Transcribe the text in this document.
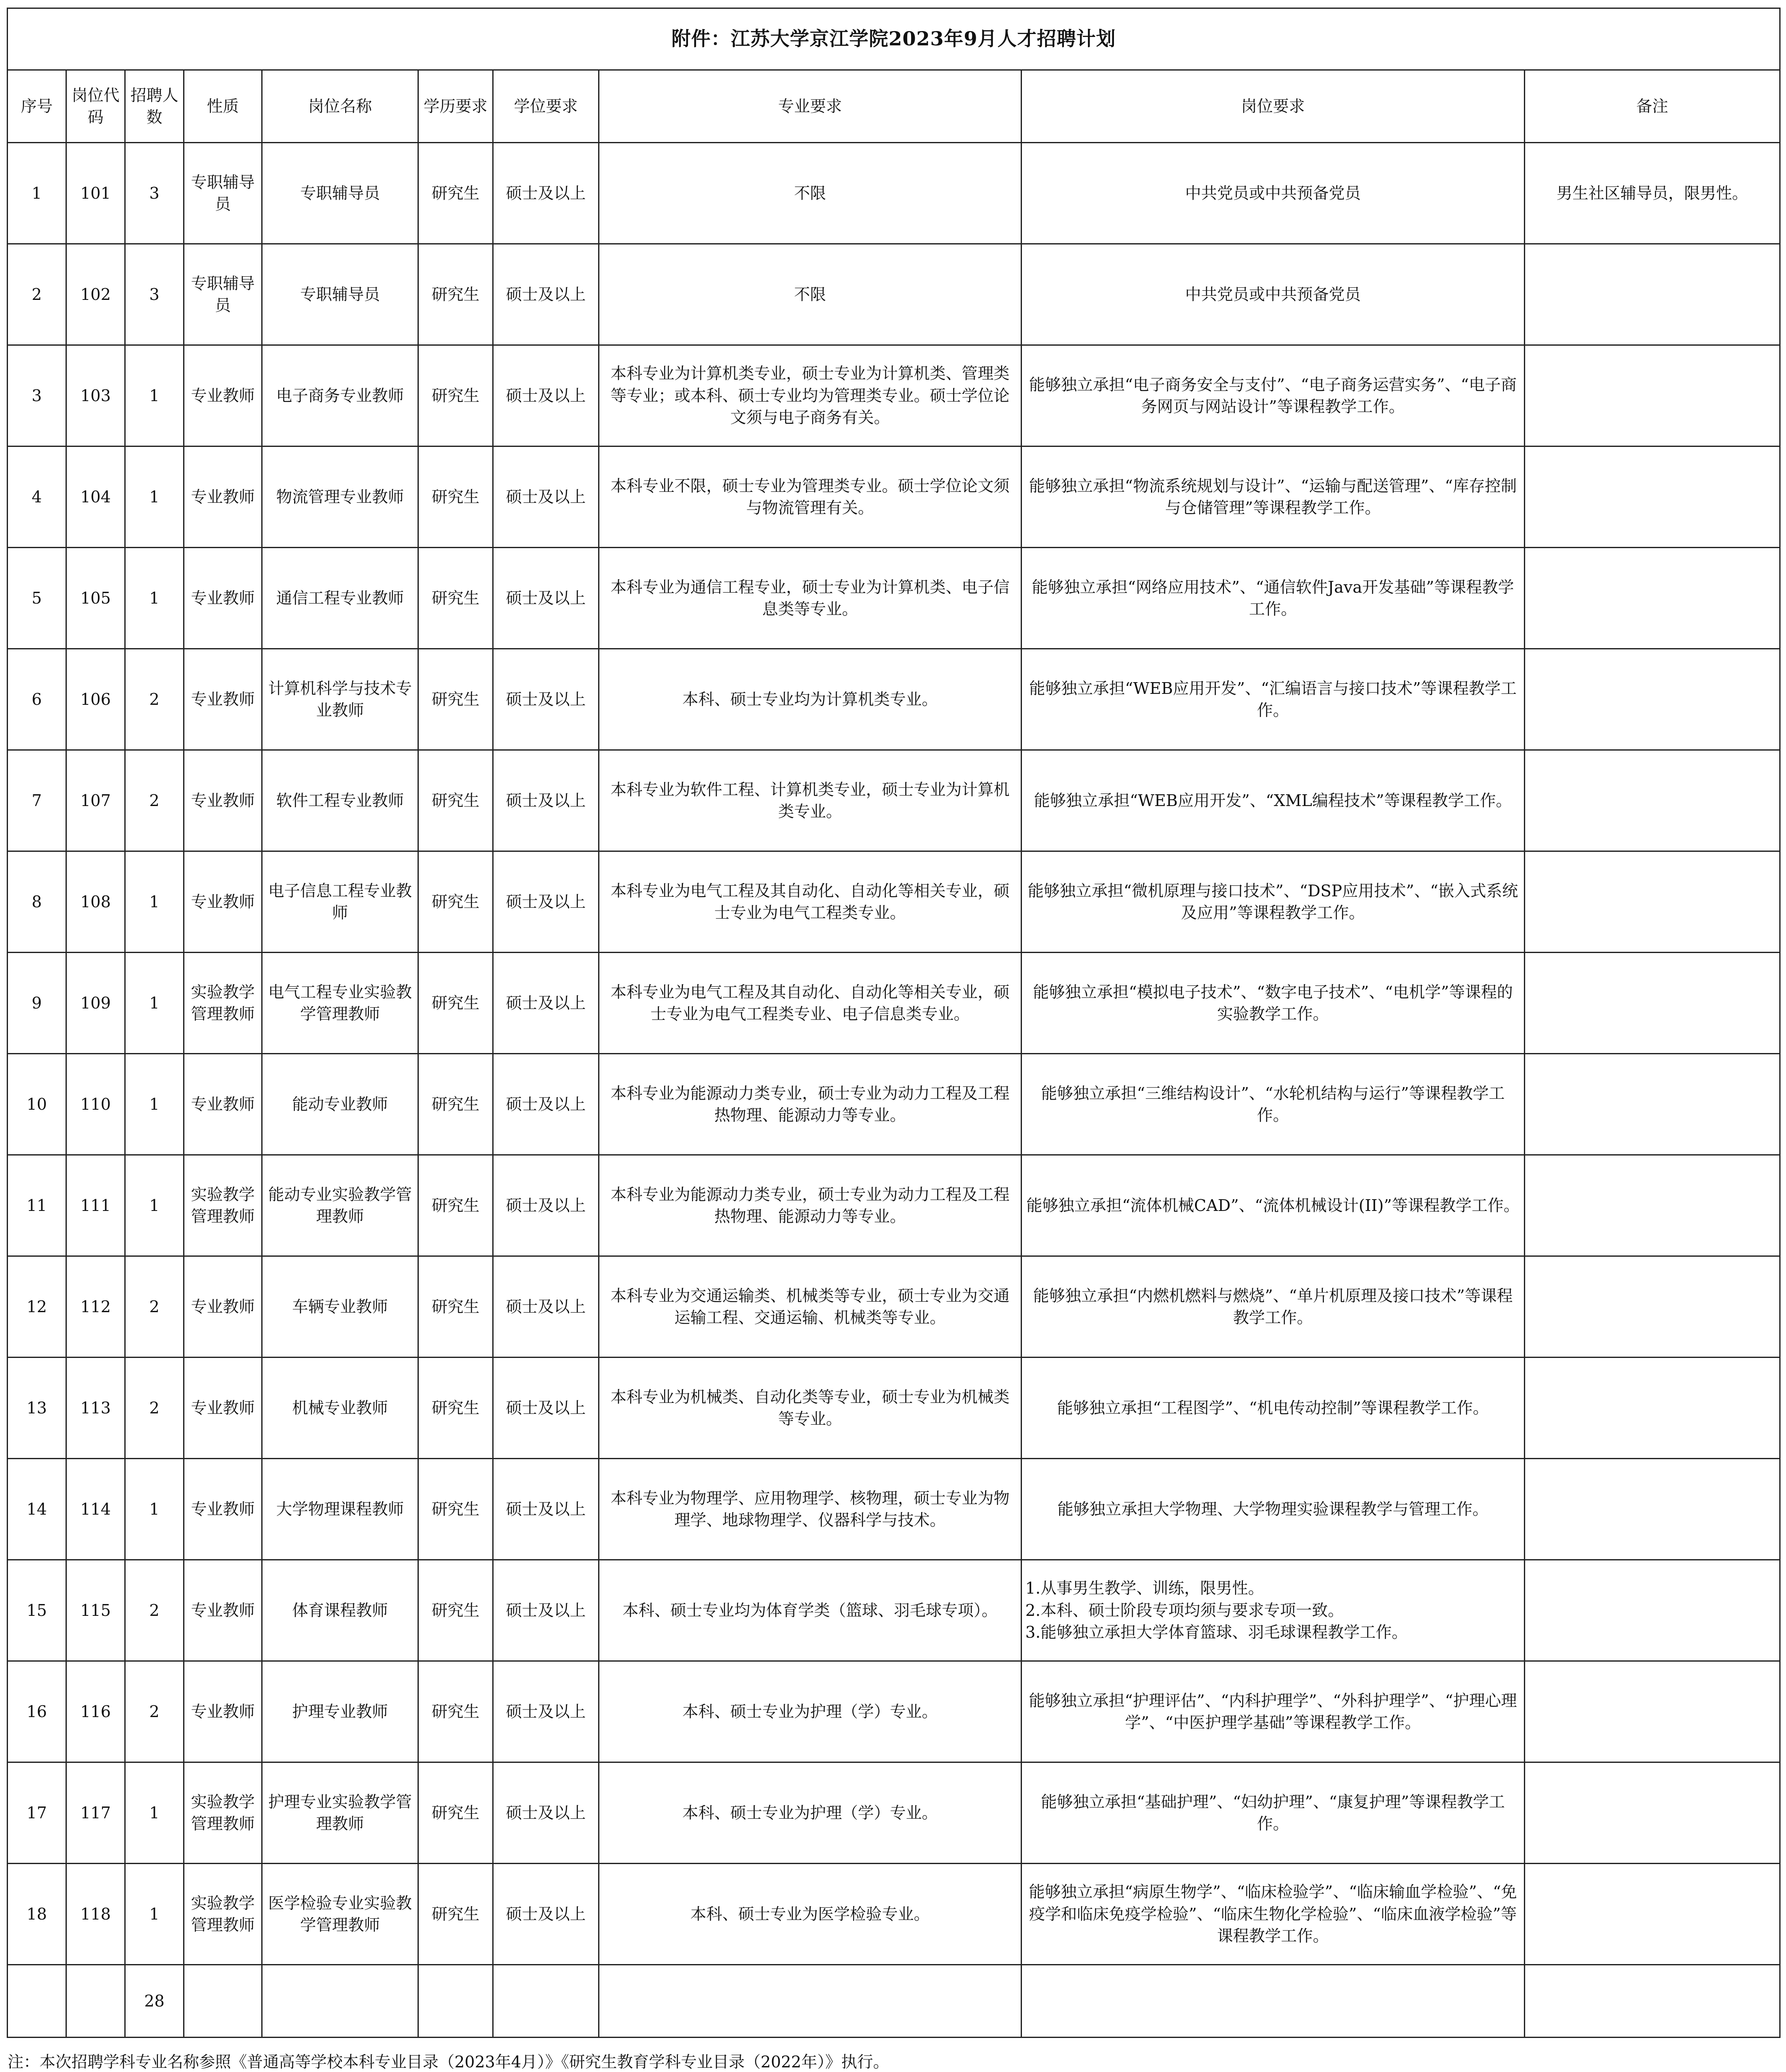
附件：江苏大学京江学院2023年9月人才招聘计划									
序号	岗位代码	招聘人数	性质	岗位名称	学历要求	学位要求	专业要求	岗位要求	备注
1	101	3	专职辅导员	专职辅导员	研究生	硕士及以上	不限	中共党员或中共预备党员	男生社区辅导员，限男性。
2	102	3	专职辅导员	专职辅导员	研究生	硕士及以上	不限	中共党员或中共预备党员	
3	103	1	专业教师	电子商务专业教师	研究生	硕士及以上	本科专业为计算机类专业，硕士专业为计算机类、管理类等专业；或本科、硕士专业均为管理类专业。硕士学位论文须与电子商务有关。	能够独立承担“电子商务安全与支付”、“电子商务运营实务”、“电子商务网页与网站设计”等课程教学工作。	
4	104	1	专业教师	物流管理专业教师	研究生	硕士及以上	本科专业不限，硕士专业为管理类专业。硕士学位论文须与物流管理有关。	能够独立承担“物流系统规划与设计”、“运输与配送管理”、“库存控制与仓储管理”等课程教学工作。	
5	105	1	专业教师	通信工程专业教师	研究生	硕士及以上	本科专业为通信工程专业，硕士专业为计算机类、电子信息类等专业。	能够独立承担“网络应用技术”、“通信软件Java开发基础”等课程教学工作。	
6	106	2	专业教师	计算机科学与技术专业教师	研究生	硕士及以上	本科、硕士专业均为计算机类专业。	能够独立承担“WEB应用开发”、“汇编语言与接口技术”等课程教学工作。	
7	107	2	专业教师	软件工程专业教师	研究生	硕士及以上	本科专业为软件工程、计算机类专业，硕士专业为计算机类专业。	能够独立承担“WEB应用开发”、“XML编程技术”等课程教学工作。	
8	108	1	专业教师	电子信息工程专业教师	研究生	硕士及以上	本科专业为电气工程及其自动化、自动化等相关专业，硕士专业为电气工程类专业。	能够独立承担“微机原理与接口技术”、“DSP应用技术”、“嵌入式系统及应用”等课程教学工作。	
9	109	1	实验教学管理教师	电气工程专业实验教学管理教师	研究生	硕士及以上	本科专业为电气工程及其自动化、自动化等相关专业，硕士专业为电气工程类专业、电子信息类专业。	能够独立承担“模拟电子技术”、“数字电子技术”、“电机学”等课程的实验教学工作。	
10	110	1	专业教师	能动专业教师	研究生	硕士及以上	本科专业为能源动力类专业，硕士专业为动力工程及工程热物理、能源动力等专业。	能够独立承担“三维结构设计”、“水轮机结构与运行”等课程教学工作。	
11	111	1	实验教学管理教师	能动专业实验教学管理教师	研究生	硕士及以上	本科专业为能源动力类专业，硕士专业为动力工程及工程热物理、能源动力等专业。	能够独立承担“流体机械CAD”、“流体机械设计(II)”等课程教学工作。	
12	112	2	专业教师	车辆专业教师	研究生	硕士及以上	本科专业为交通运输类、机械类等专业，硕士专业为交通运输工程、交通运输、机械类等专业。	能够独立承担“内燃机燃料与燃烧”、“单片机原理及接口技术”等课程教学工作。	
13	113	2	专业教师	机械专业教师	研究生	硕士及以上	本科专业为机械类、自动化类等专业，硕士专业为机械类等专业。	能够独立承担“工程图学”、“机电传动控制”等课程教学工作。	
14	114	1	专业教师	大学物理课程教师	研究生	硕士及以上	本科专业为物理学、应用物理学、核物理，硕士专业为物理学、地球物理学、仪器科学与技术。	能够独立承担大学物理、大学物理实验课程教学与管理工作。	
15	115	2	专业教师	体育课程教师	研究生	硕士及以上	本科、硕士专业均为体育学类（篮球、羽毛球专项）。	1.从事男生教学、训练，限男性。
2.本科、硕士阶段专项均须与要求专项一致。
3.能够独立承担大学体育篮球、羽毛球课程教学工作。	

16	116	2	专业教师	护理专业教师	研究生	硕士及以上	本科、硕士专业为护理（学）专业。	能够独立承担“护理评估”、“内科护理学”、“外科护理学”、“护理心理学”、“中医护理学基础”等课程教学工作。	
17	117	1	实验教学管理教师	护理专业实验教学管理教师	研究生	硕士及以上	本科、硕士专业为护理（学）专业。	能够独立承担“基础护理”、“妇幼护理”、“康复护理”等课程教学工作。	
18	118	1	实验教学管理教师	医学检验专业实验教学管理教师	研究生	硕士及以上	本科、硕士专业为医学检验专业。	能够独立承担“病原生物学”、“临床检验学”、“临床输血学检验”、“免疫学和临床免疫学检验”、“临床生物化学检验”、“临床血液学检验”等课程教学工作。	
		28							
注：本次招聘学科专业名称参照《普通高等学校本科专业目录（2023年4月）》《研究生教育学科专业目录（2022年）》执行。
